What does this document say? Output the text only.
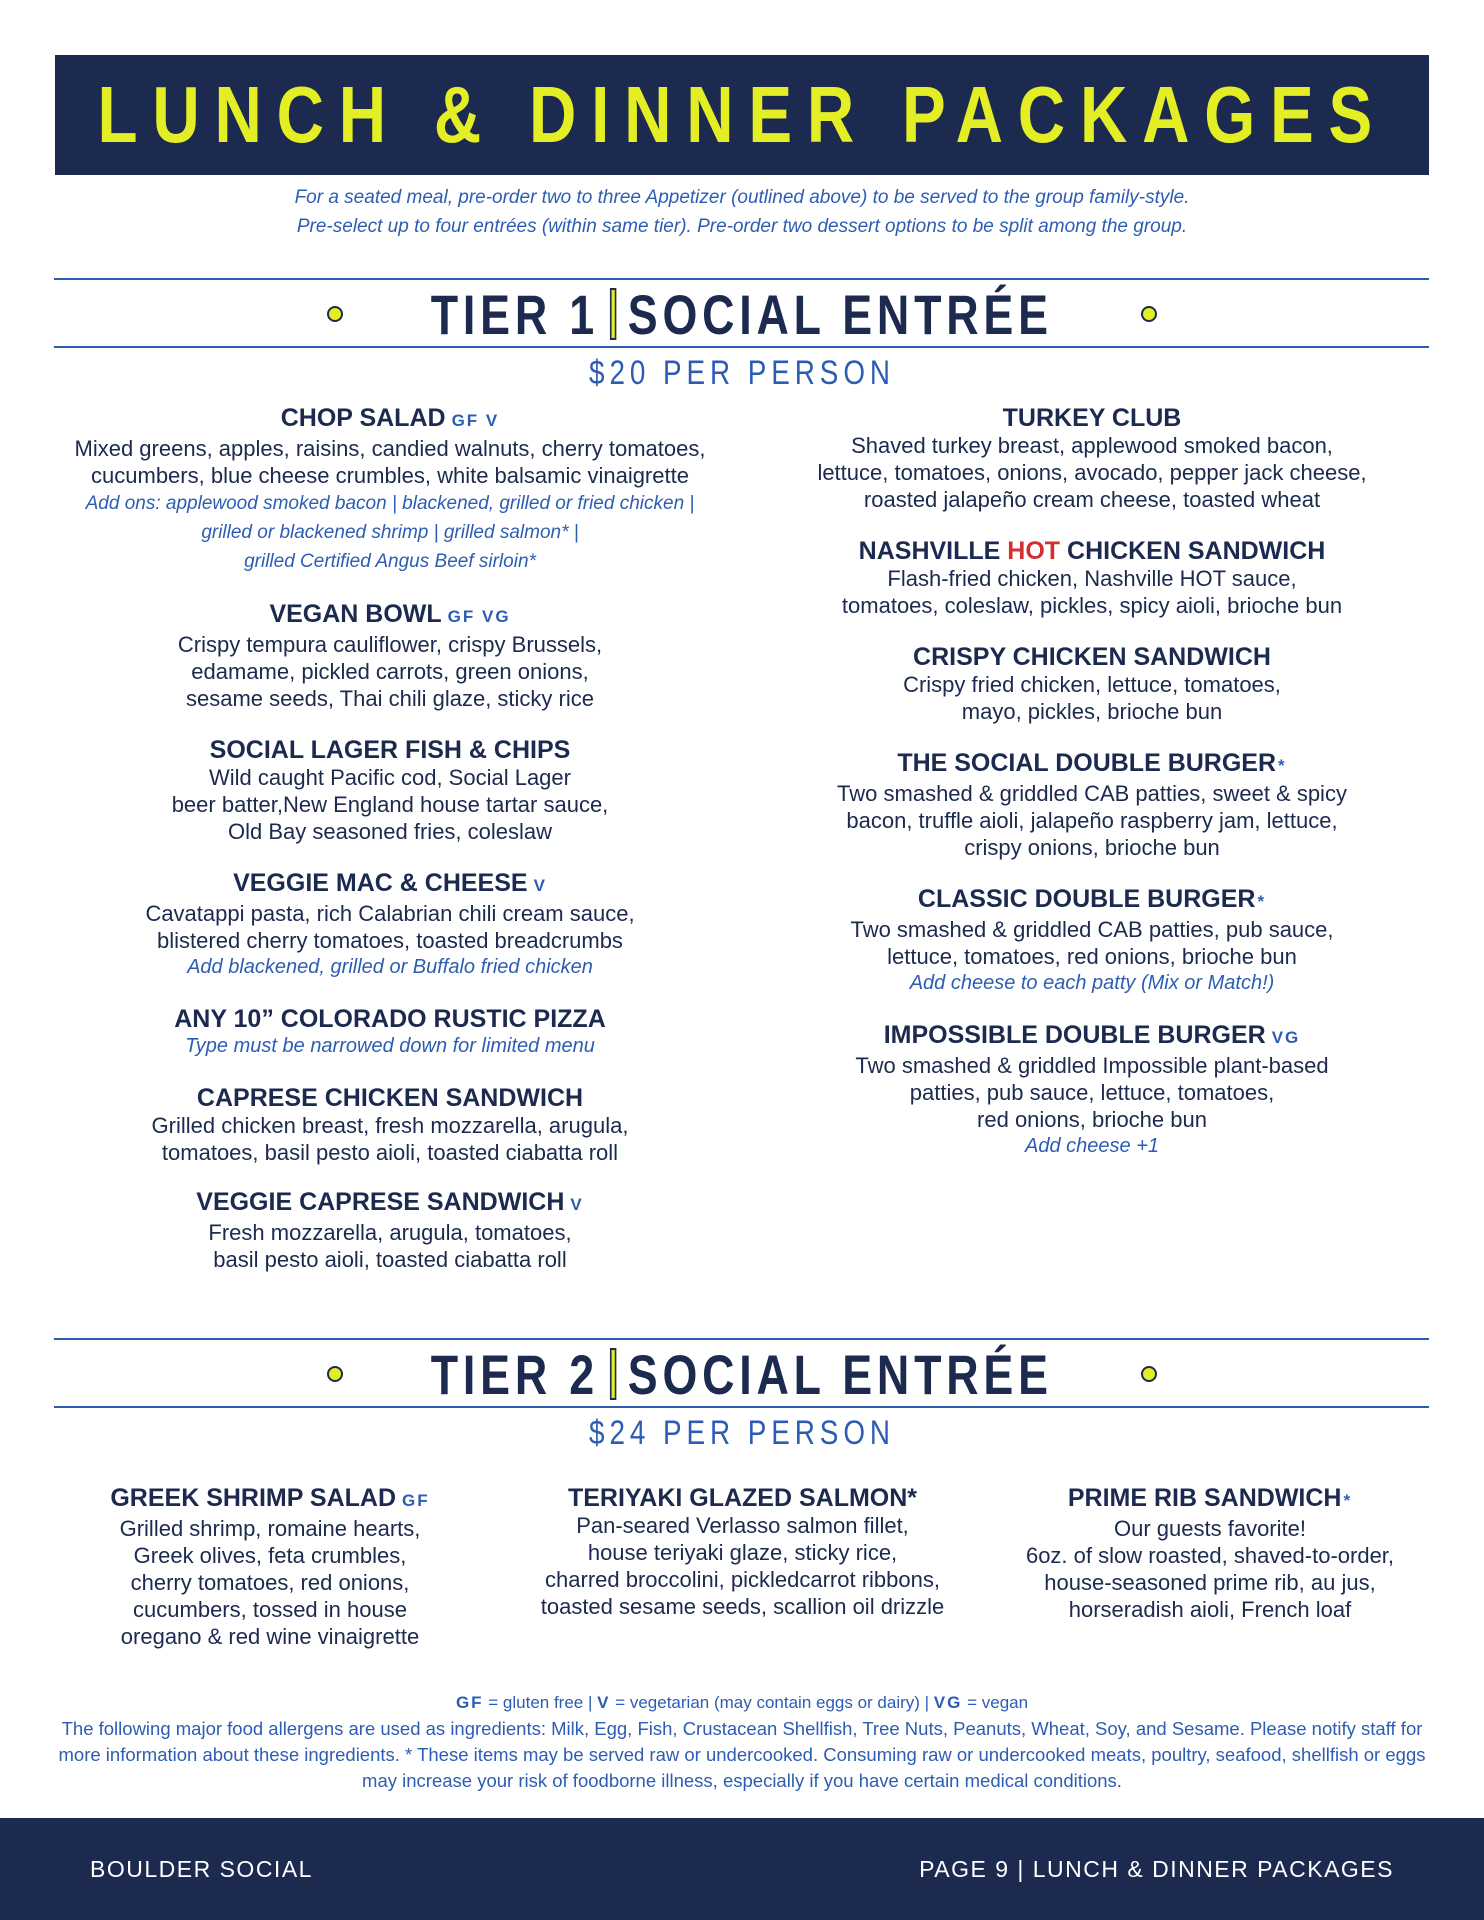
LUNCH & DINNER PACKAGES
For a seated meal, pre-order two to three Appetizer (outlined above) to be served to the group family-style.
Pre-select up to four entrées (within same tier). Pre-order two dessert options to be split among the group.
TIER 1 SOCIAL ENTRÉE
$20 PER PERSON
CHOP SALAD GF V
Mixed greens, apples, raisins, candied walnuts, cherry tomatoes,
cucumbers, blue cheese crumbles, white balsamic vinaigrette
Add ons: applewood smoked bacon | blackened, grilled or fried chicken |
grilled or blackened shrimp | grilled salmon* |
grilled Certified Angus Beef sirloin*
VEGAN BOWL GF VG
Crispy tempura cauliflower, crispy Brussels,
edamame, pickled carrots, green onions,
sesame seeds, Thai chili glaze, sticky rice
SOCIAL LAGER FISH & CHIPS
Wild caught Pacific cod, Social Lager
beer batter,New England house tartar sauce,
Old Bay seasoned fries, coleslaw
VEGGIE MAC & CHEESE V
Cavatappi pasta, rich Calabrian chili cream sauce,
blistered cherry tomatoes, toasted breadcrumbs
Add blackened, grilled or Buffalo fried chicken
ANY 10” COLORADO RUSTIC PIZZA
Type must be narrowed down for limited menu
CAPRESE CHICKEN SANDWICH
Grilled chicken breast, fresh mozzarella, arugula,
tomatoes, basil pesto aioli, toasted ciabatta roll
VEGGIE CAPRESE SANDWICH V
Fresh mozzarella, arugula, tomatoes,
basil pesto aioli, toasted ciabatta roll
TURKEY CLUB
Shaved turkey breast, applewood smoked bacon,
lettuce, tomatoes, onions, avocado, pepper jack cheese,
roasted jalapeño cream cheese, toasted wheat
NASHVILLE HOT CHICKEN SANDWICH
Flash-fried chicken, Nashville HOT sauce,
tomatoes, coleslaw, pickles, spicy aioli, brioche bun
CRISPY CHICKEN SANDWICH
Crispy fried chicken, lettuce, tomatoes,
mayo, pickles, brioche bun
THE SOCIAL DOUBLE BURGER *
Two smashed & griddled CAB patties, sweet & spicy
bacon, truffle aioli, jalapeño raspberry jam, lettuce,
crispy onions, brioche bun
CLASSIC DOUBLE BURGER *
Two smashed & griddled CAB patties, pub sauce,
lettuce, tomatoes, red onions, brioche bun
Add cheese to each patty (Mix or Match!)
IMPOSSIBLE DOUBLE BURGER VG
Two smashed & griddled Impossible plant-based
patties, pub sauce, lettuce, tomatoes,
red onions, brioche bun
Add cheese +1
TIER 2 SOCIAL ENTRÉE
$24 PER PERSON
GREEK SHRIMP SALAD GF
Grilled shrimp, romaine hearts,
Greek olives, feta crumbles,
cherry tomatoes, red onions,
cucumbers, tossed in house
oregano & red wine vinaigrette
TERIYAKI GLAZED SALMON*
Pan-seared Verlasso salmon fillet,
house teriyaki glaze, sticky rice,
charred broccolini, pickledcarrot ribbons,
toasted sesame seeds, scallion oil drizzle
PRIME RIB SANDWICH *
Our guests favorite!
6oz. of slow roasted, shaved-to-order,
house-seasoned prime rib, au jus,
horseradish aioli, French loaf
GF = gluten free | V = vegetarian (may contain eggs or dairy) | VG = vegan
The following major food allergens are used as ingredients: Milk, Egg, Fish, Crustacean Shellfish, Tree Nuts, Peanuts, Wheat, Soy, and Sesame. Please notify staff for more information about these ingredients. * These items may be served raw or undercooked. Consuming raw or undercooked meats, poultry, seafood, shellfish or eggs may increase your risk of foodborne illness, especially if you have certain medical conditions.
BOULDER SOCIAL	PAGE 9 | LUNCH & DINNER PACKAGES
